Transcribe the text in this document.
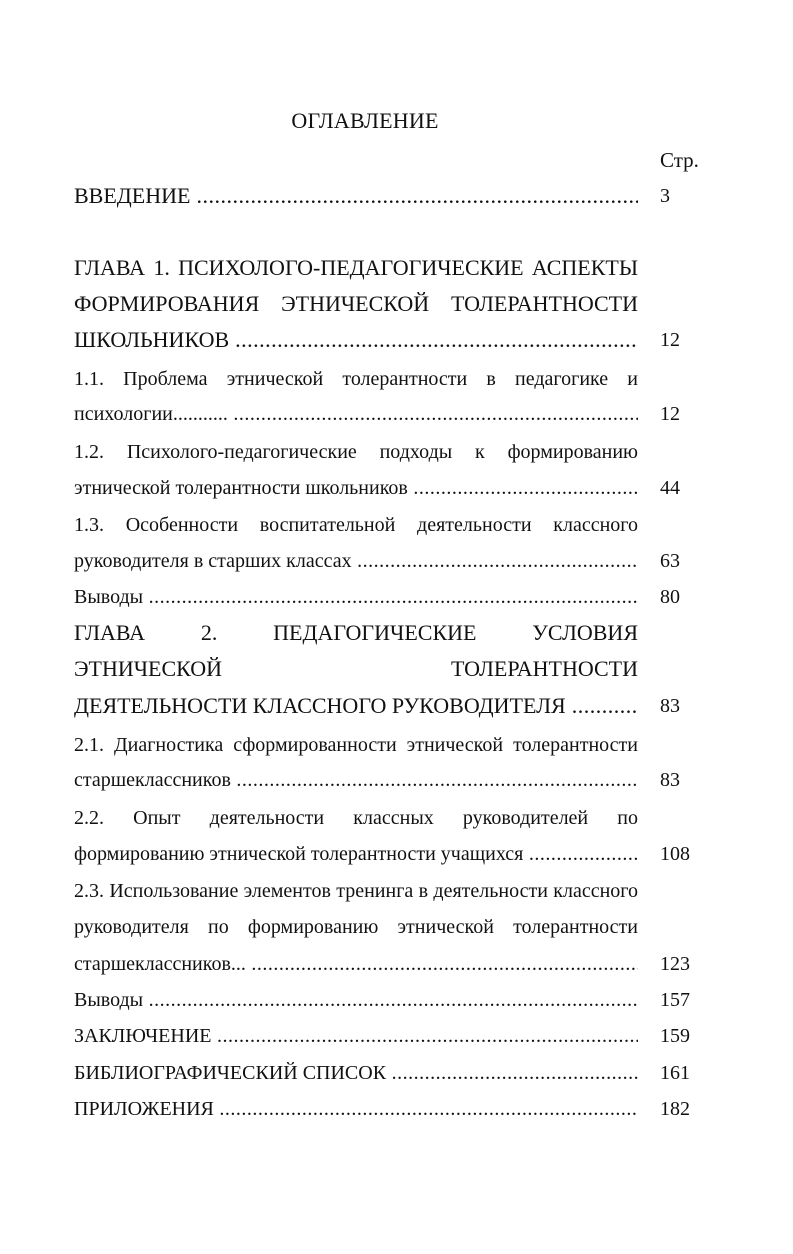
ОГЛАВЛЕНИЕ
Стр.
ВВЕДЕНИЕ .....	3
ГЛАВА 1. ПСИХОЛОГО-ПЕДАГОГИЧЕСКИЕ АСПЕКТЫ
ФОРМИРОВАНИЯ ЭТНИЧЕСКОЙ ТОЛЕРАНТНОСТИ
ШКОЛЬНИКОВ .....	12
1.1. Проблема этнической толерантности в педагогике и
психологии........... .....	12
1.2. Психолого-педагогические подходы к формированию
этнической толерантности школьников .....	44
1.3. Особенности воспитательной деятельности классного
руководителя в старших классах .....	63
Выводы .....	80
ГЛАВА 2. ПЕДАГОГИЧЕСКИЕ УСЛОВИЯ
ЭТНИЧЕСКОЙ ТОЛЕРАНТНОСТИ
ДЕЯТЕЛЬНОСТИ КЛАССНОГО РУКОВОДИТЕЛЯ .....	83
2.1. Диагностика сформированности этнической толерантности
старшеклассников .....	83
2.2. Опыт деятельности классных руководителей по
формированию этнической толерантности учащихся .....	108
2.3. Использование элементов тренинга в деятельности классного
руководителя по формированию этнической толерантности
старшеклассников... .....	123
Выводы .....	157
ЗАКЛЮЧЕНИЕ .....	159
БИБЛИОГРАФИЧЕСКИЙ СПИСОК .....	161
ПРИЛОЖЕНИЯ .....	182
